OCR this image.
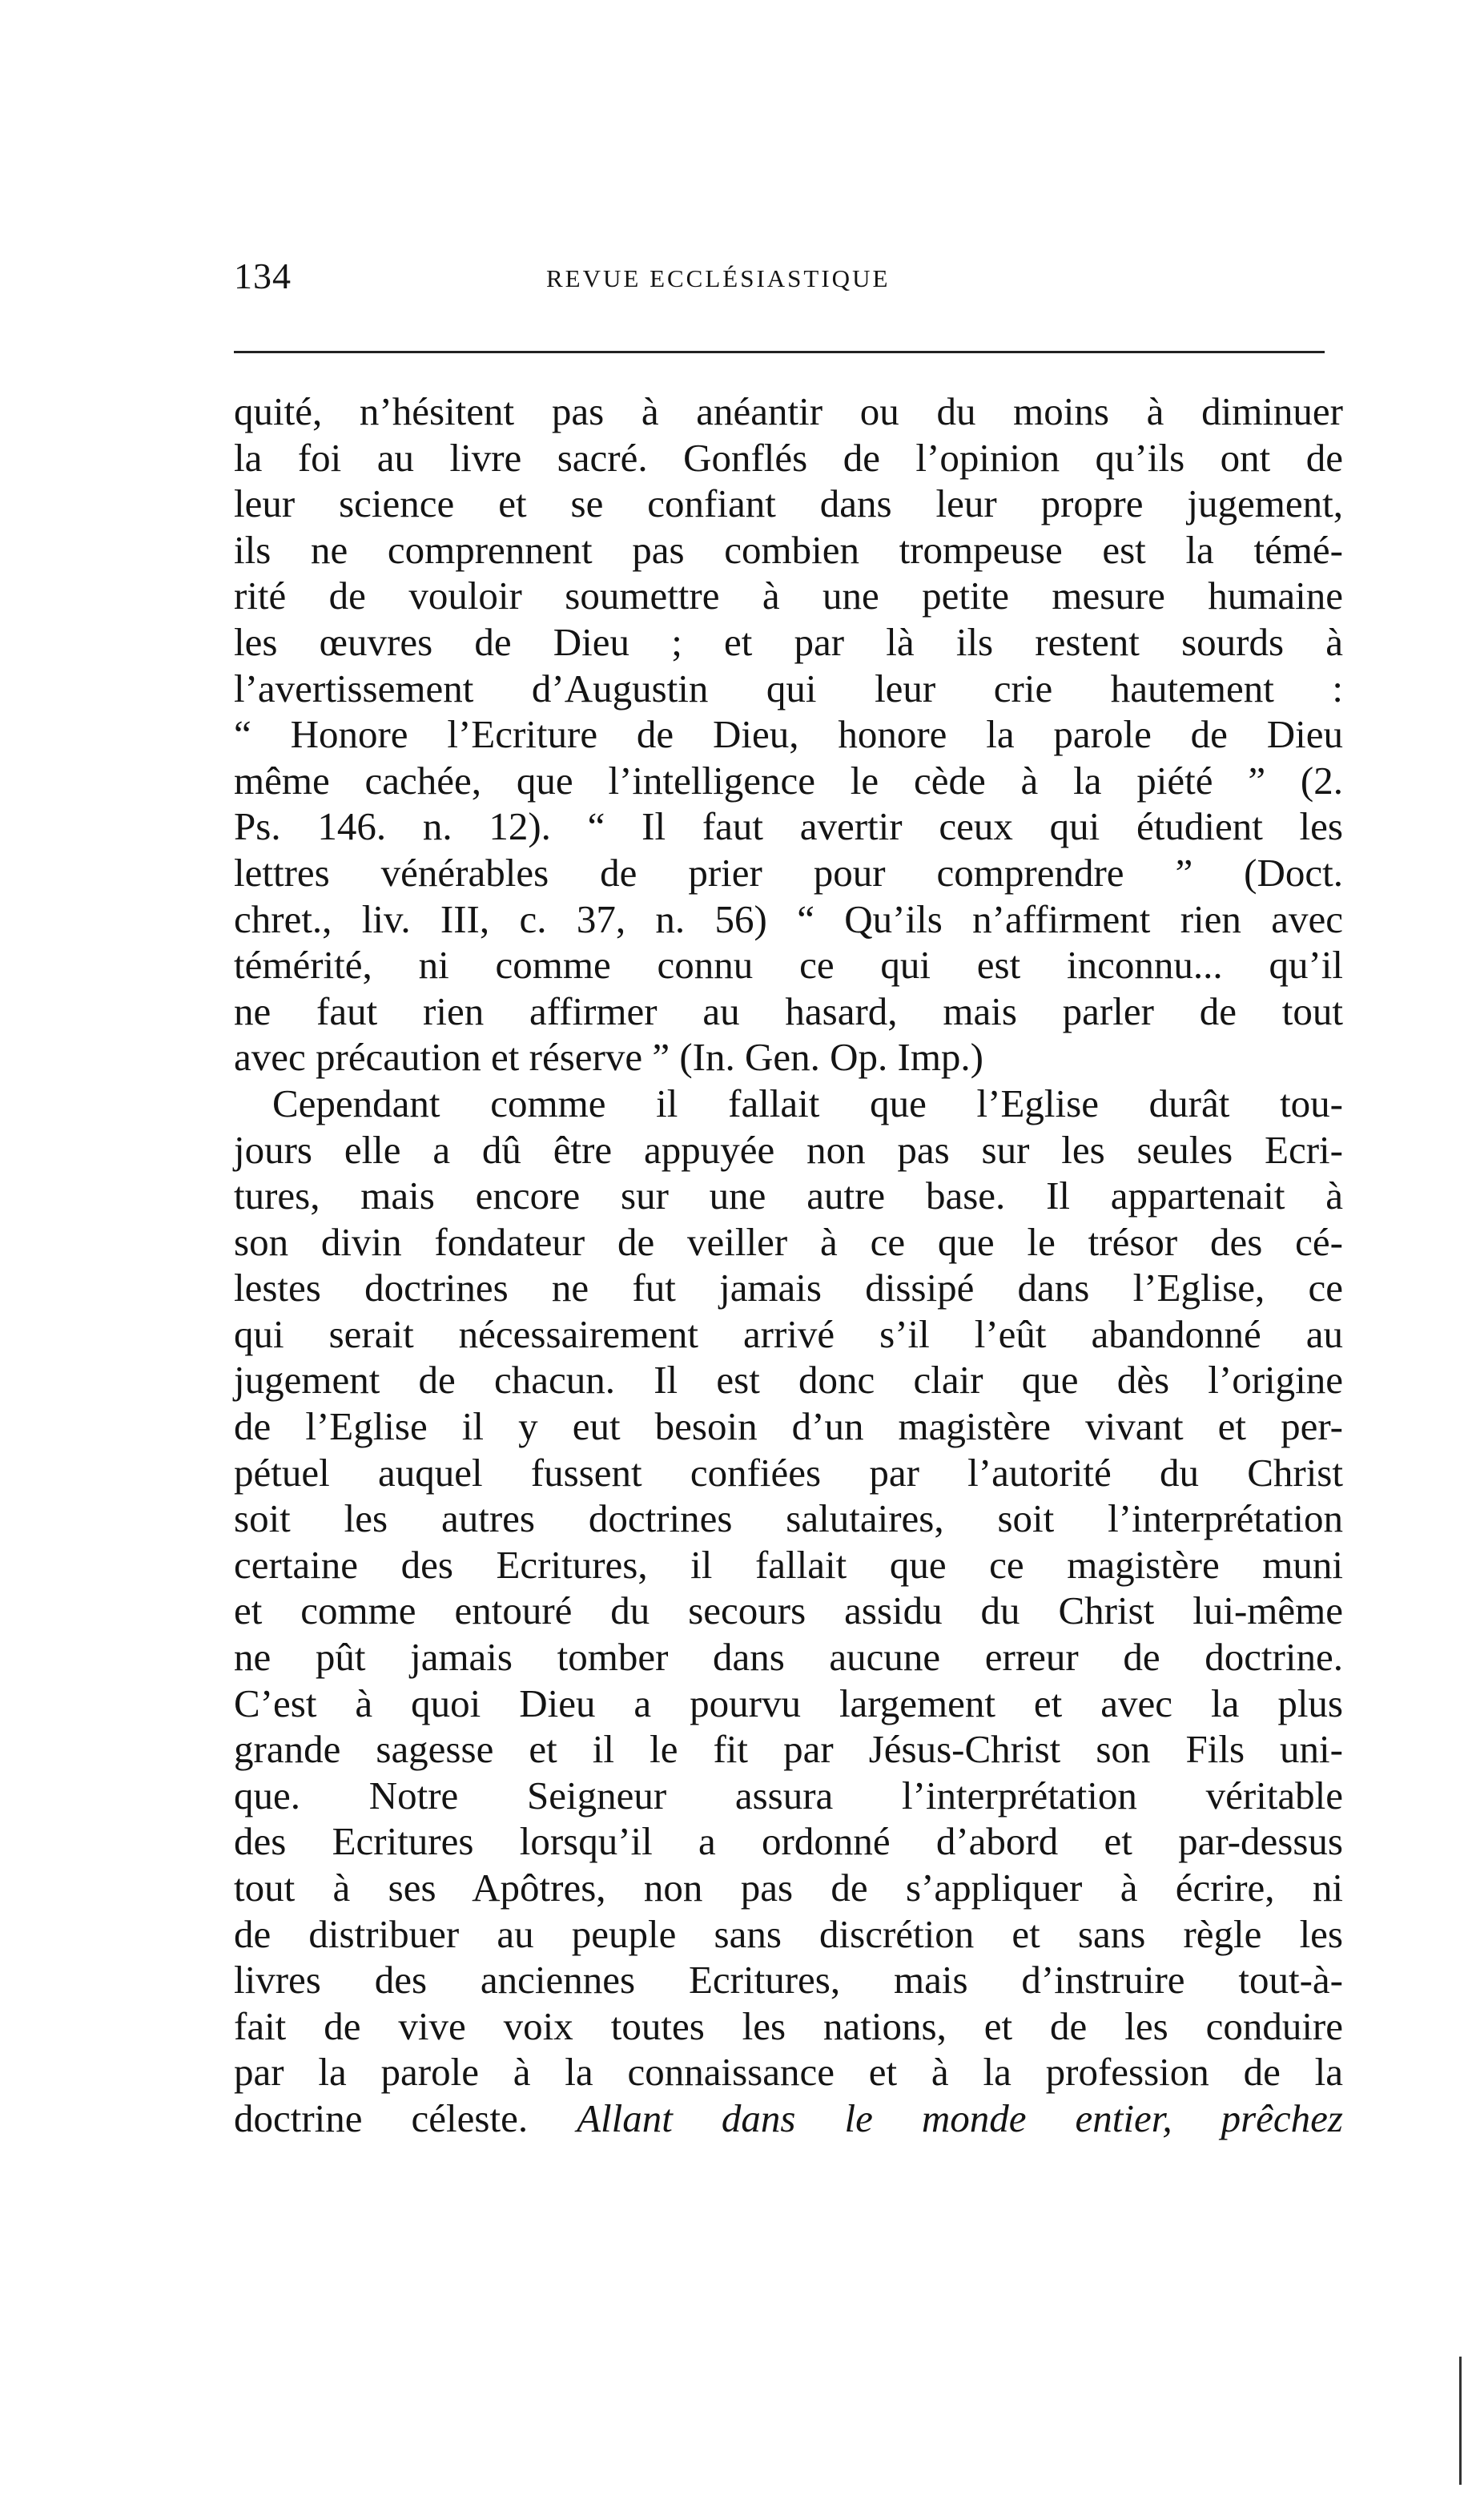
134	REVUE ECCLÉSIASTIQUE
quité, n’hésitent pas à anéantir ou du moins à diminuer
la foi au livre sacré. Gonflés de l’opinion qu’ils ont de
leur science et se confiant dans leur propre jugement,
ils ne comprennent pas combien trompeuse est la témé-
rité de vouloir soumettre à une petite mesure humaine
les œuvres de Dieu ; et par là ils restent sourds à
l’avertissement d’Augustin qui leur crie hautement :
“ Honore l’Ecriture de Dieu, honore la parole de Dieu
même cachée, que l’intelligence le cède à la piété ” (2.
Ps. 146. n. 12). “ Il faut avertir ceux qui étudient les
lettres vénérables de prier pour comprendre ” (Doct.
chret., liv. III, c. 37, n. 56) “ Qu’ils n’affirment rien avec
témérité, ni comme connu ce qui est inconnu... qu’il
ne faut rien affirmer au hasard, mais parler de tout
avec précaution et réserve ” (In. Gen. Op. Imp.)
Cependant comme il fallait que l’Eglise durât tou-
jours elle a dû être appuyée non pas sur les seules Ecri-
tures, mais encore sur une autre base. Il appartenait à
son divin fondateur de veiller à ce que le trésor des cé-
lestes doctrines ne fut jamais dissipé dans l’Eglise, ce
qui serait nécessairement arrivé s’il l’eût abandonné au
jugement de chacun. Il est donc clair que dès l’origine
de l’Eglise il y eut besoin d’un magistère vivant et per-
pétuel auquel fussent confiées par l’autorité du Christ
soit les autres doctrines salutaires, soit l’interprétation
certaine des Ecritures, il fallait que ce magistère muni
et comme entouré du secours assidu du Christ lui-même
ne pût jamais tomber dans aucune erreur de doctrine.
C’est à quoi Dieu a pourvu largement et avec la plus
grande sagesse et il le fit par Jésus-Christ son Fils uni-
que. Notre Seigneur assura l’interprétation véritable
des Ecritures lorsqu’il a ordonné d’abord et par-dessus
tout à ses Apôtres, non pas de s’appliquer à écrire, ni
de distribuer au peuple sans discrétion et sans règle les
livres des anciennes Ecritures, mais d’instruire tout-à-
fait de vive voix toutes les nations, et de les conduire
par la parole à la connaissance et à la profession de la
doctrine céleste. Allant dans le monde entier, prêchez
